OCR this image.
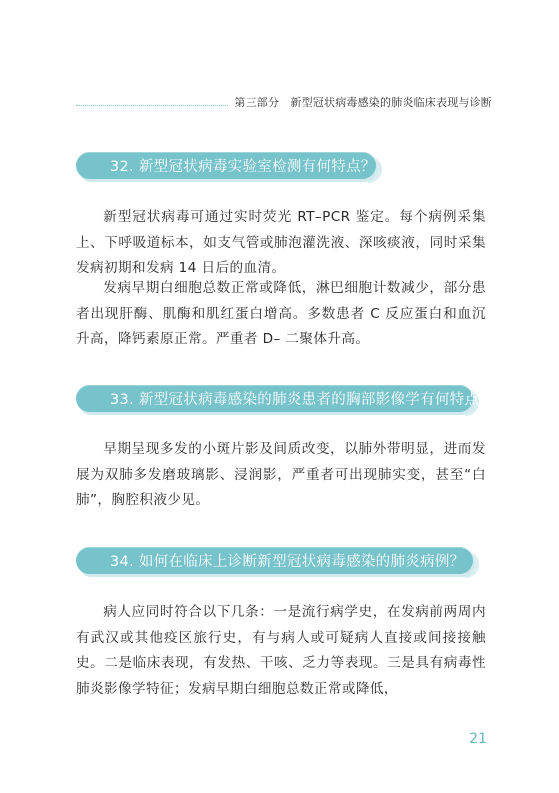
第三部分　新型冠状病毒感染的肺炎临床表现与诊断
32. 新型冠状病毒实验室检测有何特点？

新型冠状病毒可通过实时荧光 RT–PCR 鉴定。每个病例采集上、下呼吸道标本，如支气管或肺泡灌洗液、深咳痰液，同时采集发病初期和发病 14 日后的血清。

发病早期白细胞总数正常或降低，淋巴细胞计数减少，部分患者出现肝酶、肌酶和肌红蛋白增高。多数患者 C 反应蛋白和血沉升高，降钙素原正常。严重者 D– 二聚体升高。

33. 新型冠状病毒感染的肺炎患者的胸部影像学有何特点？

早期呈现多发的小斑片影及间质改变，以肺外带明显，进而发展为双肺多发磨玻璃影、浸润影，严重者可出现肺实变，甚至“白肺”，胸腔积液少见。

34. 如何在临床上诊断新型冠状病毒感染的肺炎病例？

病人应同时符合以下几条：一是流行病学史，在发病前两周内有武汉或其他疫区旅行史，有与病人或可疑病人直接或间接接触史。二是临床表现，有发热、干咳、乏力等表现。三是具有病毒性肺炎影像学特征；发病早期白细胞总数正常或降低，

21
